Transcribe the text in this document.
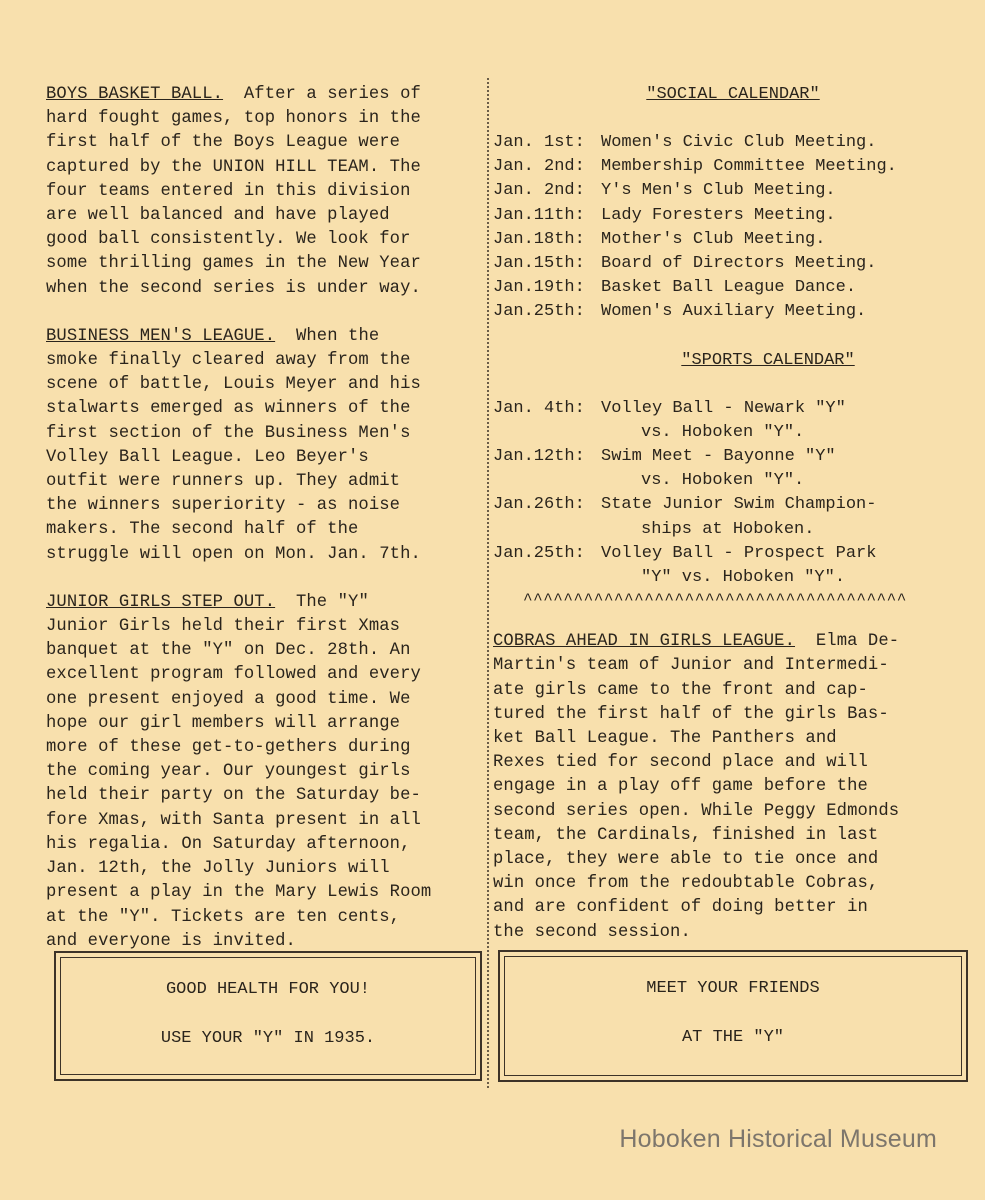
BOYS BASKET BALL. After a series of

hard fought games, top honors in the

first half of the Boys League were

captured by the UNION HILL TEAM. The

four teams entered in this division

are well balanced and have played

good ball consistently. We look for

some thrilling games in the New Year

when the second series is under way.

BUSINESS MEN'S LEAGUE. When the

smoke finally cleared away from the

scene of battle, Louis Meyer and his

stalwarts emerged as winners of the

first section of the Business Men's

Volley Ball League. Leo Beyer's

outfit were runners up. They admit

the winners superiority - as noise

makers. The second half of the

struggle will open on Mon. Jan. 7th.

JUNIOR GIRLS STEP OUT. The "Y"

Junior Girls held their first Xmas

banquet at the "Y" on Dec. 28th. An

excellent program followed and every

one present enjoyed a good time. We

hope our girl members will arrange

more of these get-to-gethers during

the coming year. Our youngest girls

held their party on the Saturday be-

fore Xmas, with Santa present in all

his regalia. On Saturday afternoon,

Jan. 12th, the Jolly Juniors will

present a play in the Mary Lewis Room

at the "Y". Tickets are ten cents,

and everyone is invited.

"SOCIAL CALENDAR"
Jan. 1st: Women's Civic Club Meeting.
Jan. 2nd: Membership Committee Meeting.
Jan. 2nd: Y's Men's Club Meeting.
Jan.11th: Lady Foresters Meeting.
Jan.18th: Mother's Club Meeting.
Jan.15th: Board of Directors Meeting.
Jan.19th: Basket Ball League Dance.
Jan.25th: Women's Auxiliary Meeting.
"SPORTS CALENDAR"
Jan. 4th: Volley Ball - Newark "Y"
vs. Hoboken "Y".
Jan.12th: Swim Meet - Bayonne "Y"
vs. Hoboken "Y".
Jan.26th: State Junior Swim Champion-
ships at Hoboken.
Jan.25th: Volley Ball - Prospect Park
"Y" vs. Hoboken "Y".
^^^^^^^^^^^^^^^^^^^^^^^^^^^^^^^^^^^^^^

COBRAS AHEAD IN GIRLS LEAGUE. Elma De-

Martin's team of Junior and Intermedi-

ate girls came to the front and cap-

tured the first half of the girls Bas-

ket Ball League. The Panthers and

Rexes tied for second place and will

engage in a play off game before the

second series open. While Peggy Edmonds

team, the Cardinals, finished in last

place, they were able to tie once and

win once from the redoubtable Cobras,

and are confident of doing better in

the second session.

GOOD HEALTH FOR YOU!
USE YOUR "Y" IN 1935.
MEET YOUR FRIENDS
AT THE "Y"
Hoboken Historical Museum
